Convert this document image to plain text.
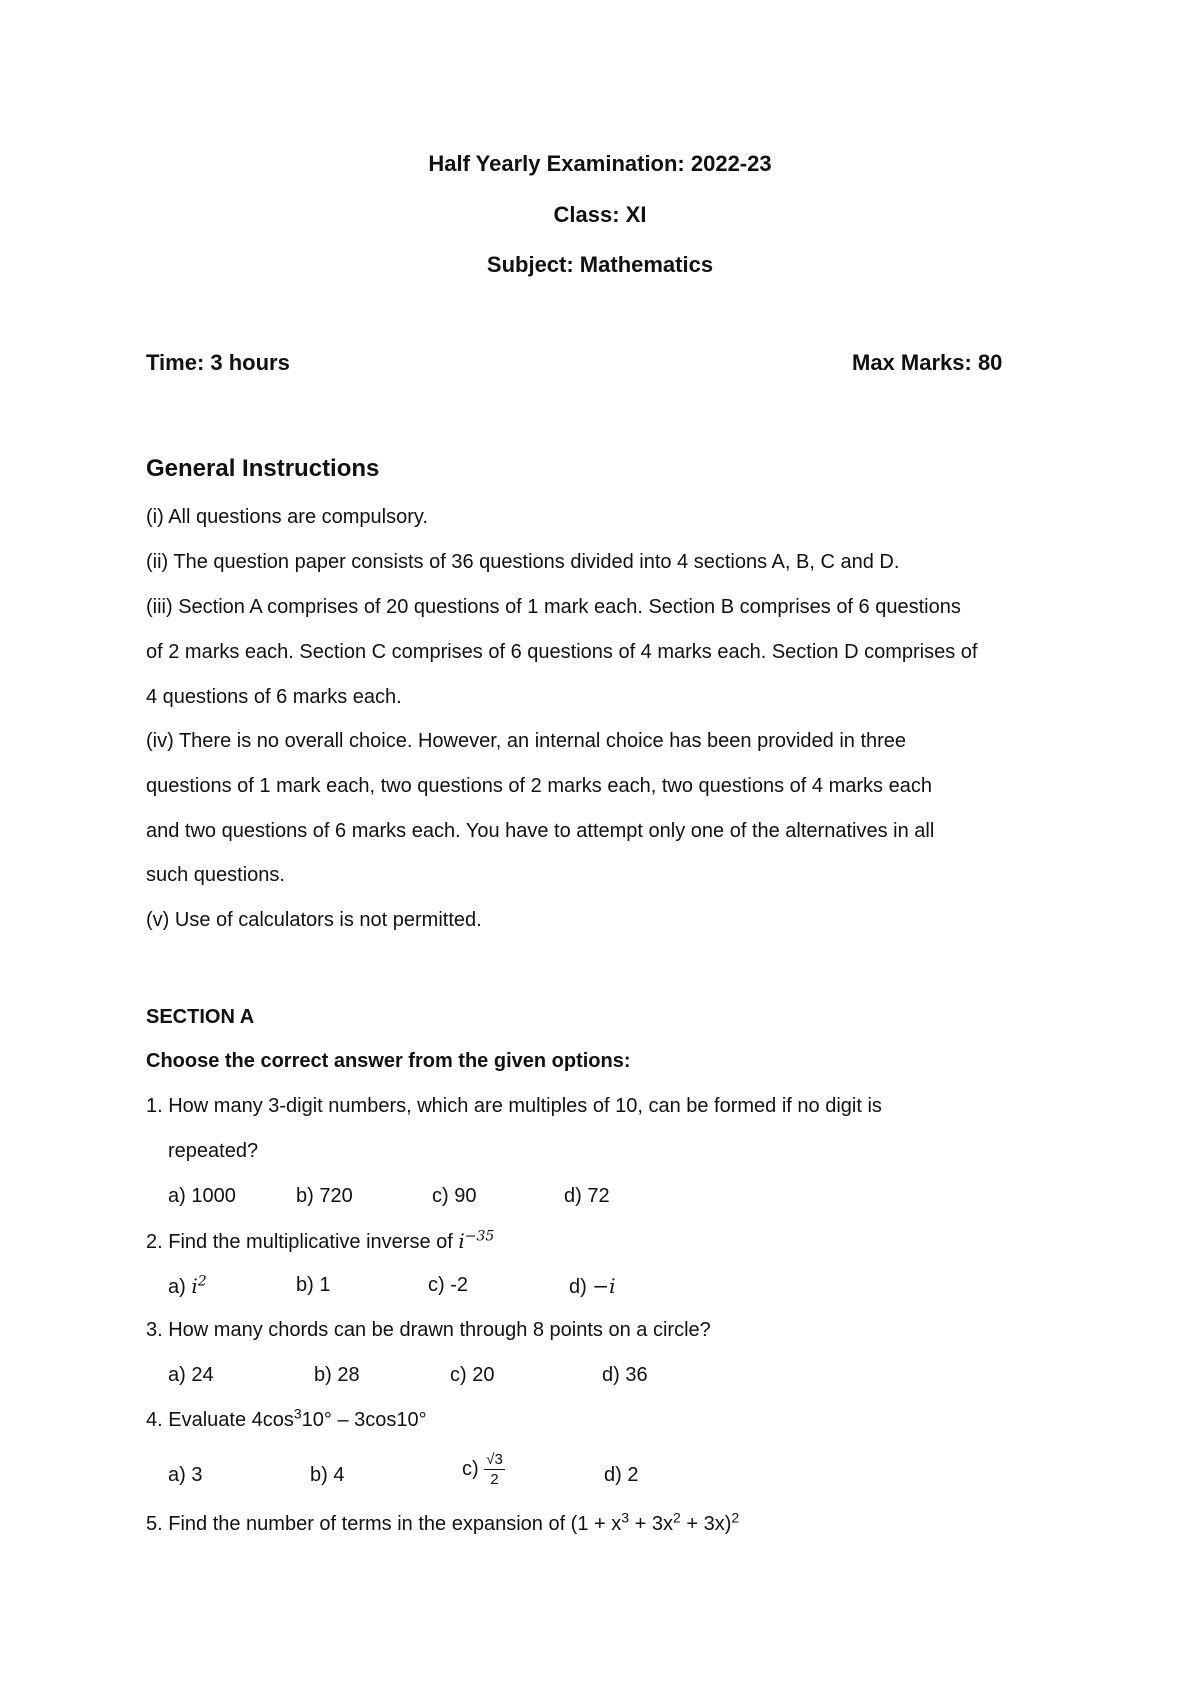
Half Yearly Examination: 2022-23
Class: XI
Subject: Mathematics
Time: 3 hours	Max Marks: 80
General Instructions
(i) All questions are compulsory.
(ii) The question paper consists of 36 questions divided into 4 sections A, B, C and D.
(iii) Section A comprises of 20 questions of 1 mark each. Section B comprises of 6 questions
of 2 marks each. Section C comprises of 6 questions of 4 marks each. Section D comprises of
4 questions of 6 marks each.
(iv) There is no overall choice. However, an internal choice has been provided in three
questions of 1 mark each, two questions of 2 marks each, two questions of 4 marks each
and two questions of 6 marks each. You have to attempt only one of the alternatives in all
such questions.
(v) Use of calculators is not permitted.
SECTION A
Choose the correct answer from the given options:
1. How many 3-digit numbers, which are multiples of 10, can be formed if no digit is
repeated?
a) 1000	b) 720	c) 90	d) 72
2. Find the multiplicative inverse of $i^{-35}$
a) $i^2$	b) 1	c) -2	d) −i
3. How many chords can be drawn through 8 points on a circle?
a) 24	b) 28	c) 20	d) 36
4. Evaluate $4\cos^310^\circ - 3\cos 10^\circ$
a) 3	b) 4	$c) \frac{√3}{2}$	d) 2
5. Find the number of terms in the expansion of $(1 + x^3 + 3x^2 + 3x)^2$
